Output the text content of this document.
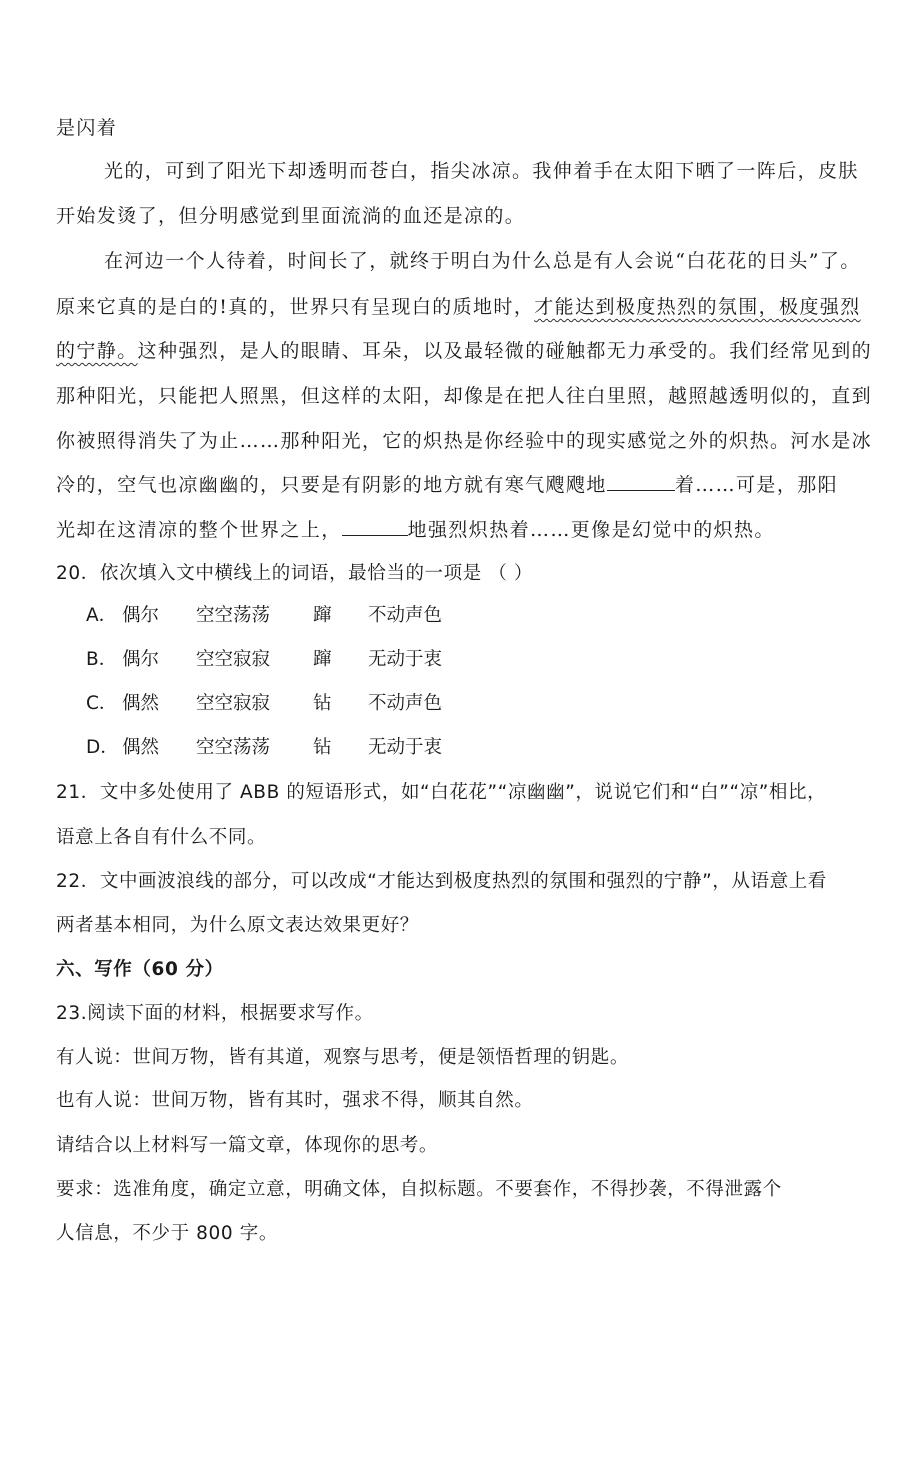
是闪着
光的，可到了阳光下却透明而苍白，指尖冰凉。我伸着手在太阳下晒了一阵后，皮肤
开始发烫了，但分明感觉到里面流淌的血还是凉的。
在河边一个人待着，时间长了，就终于明白为什么总是有人会说“白花花的日头”了。
原来它真的是白的!真的，世界只有呈现白的质地时，才能达到极度热烈的氛围，极度强烈
的宁静。这种强烈，是人的眼睛、耳朵，以及最轻微的碰触都无力承受的。我们经常见到的
那种阳光，只能把人照黑，但这样的太阳，却像是在把人往白里照，越照越透明似的，直到
你被照得消失了为止……那种阳光，它的炽热是你经验中的现实感觉之外的炽热。河水是冰
冷的，空气也凉幽幽的，只要是有阴影的地方就有寒气飕飕地	着……可是，那阳
光却在这清凉的整个世界之上，	地强烈炽热着……更像是幻觉中的炽热。
20．依次填入文中横线上的词语，最恰当的一项是 （ ）
A． 偶尔 空空荡荡 蹿 不动声色
B． 偶尔 空空寂寂 蹿 无动于衷
C． 偶然 空空寂寂 钻 不动声色
D． 偶然 空空荡荡 钻 无动于衷
21．文中多处使用了 ABB 的短语形式，如“白花花”“凉幽幽”，说说它们和“白”“凉”相比，
语意上各自有什么不同。
22．文中画波浪线的部分，可以改成“才能达到极度热烈的氛围和强烈的宁静”，从语意上看
两者基本相同，为什么原文表达效果更好？
六、写作（60 分）
23.阅读下面的材料，根据要求写作。
有人说：世间万物，皆有其道，观察与思考，便是领悟哲理的钥匙。
也有人说：世间万物，皆有其时，强求不得，顺其自然。
请结合以上材料写一篇文章，体现你的思考。
要求：选准角度，确定立意，明确文体，自拟标题。不要套作，不得抄袭，不得泄露个
人信息，不少于 800 字。
